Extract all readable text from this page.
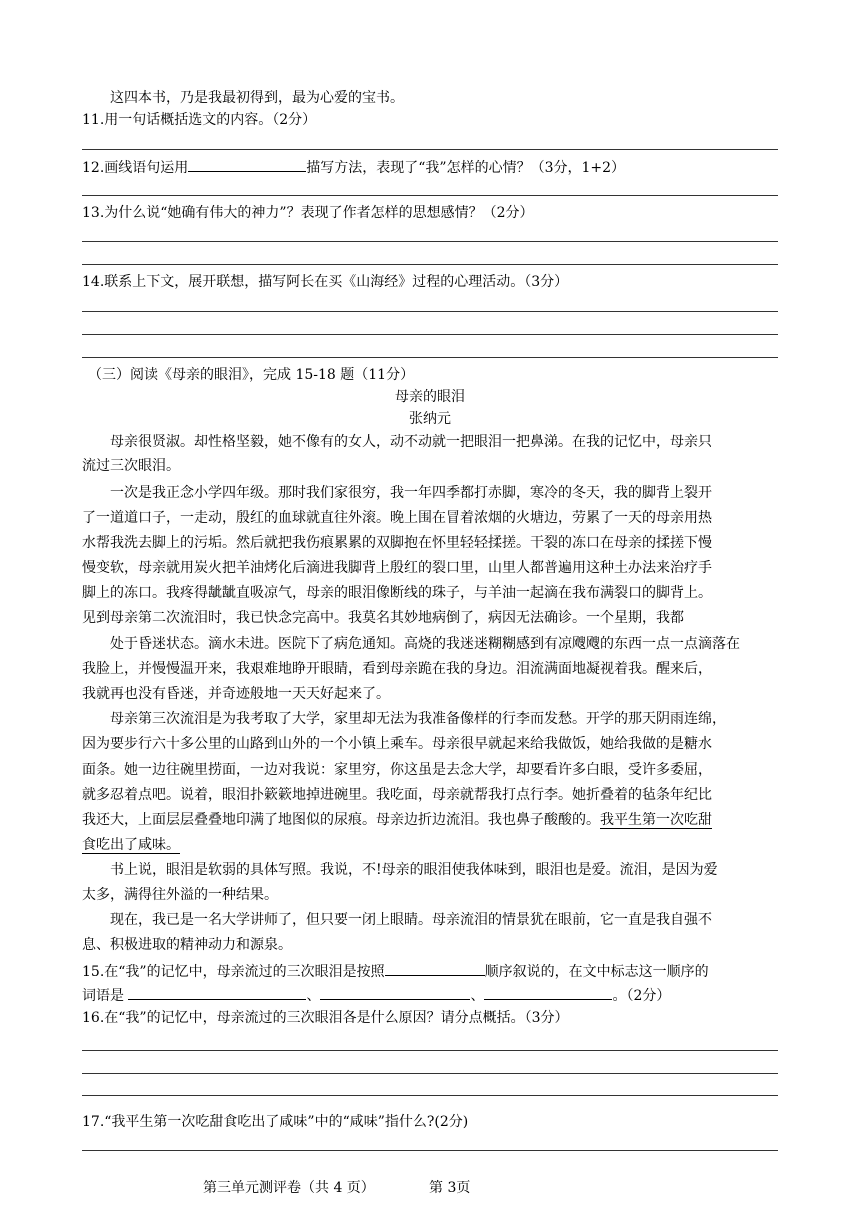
这四本书，乃是我最初得到，最为心爱的宝书。
11.用一句话概括选文的内容。（2分）
12.画线语句运用	描写方法，表现了“我”怎样的心情？（3分，1+2）
13.为什么说“她确有伟大的神力”？表现了作者怎样的思想感情？（2分）
14.联系上下文，展开联想，描写阿长在买《山海经》过程的心理活动。（3分）
（三）阅读《母亲的眼泪》，完成 15-18 题（11分）
母亲的眼泪
张纳元
母亲很贤淑。却性格坚毅，她不像有的女人，动不动就一把眼泪一把鼻涕。在我的记忆中，母亲只
流过三次眼泪。
一次是我正念小学四年级。那时我们家很穷，我一年四季都打赤脚，寒冷的冬天，我的脚背上裂开
了一道道口子，一走动，殷红的血球就直往外滚。晚上围在冒着浓烟的火塘边，劳累了一天的母亲用热
水帮我洗去脚上的污垢。然后就把我伤痕累累的双脚抱在怀里轻轻揉搓。干裂的冻口在母亲的揉搓下慢
慢变软，母亲就用炭火把羊油烤化后滴进我脚背上殷红的裂口里，山里人都普遍用这种土办法来治疗手
脚上的冻口。我疼得龇龇直吸凉气，母亲的眼泪像断线的珠子，与羊油一起滴在我布满裂口的脚背上。
见到母亲第二次流泪时，我已快念完高中。我莫名其妙地病倒了，病因无法确诊。一个星期，我都
处于昏迷状态。滴水未进。医院下了病危通知。高烧的我迷迷糊糊感到有凉飕飕的东西一点一点滴落在
我脸上，并慢慢温开来，我艰难地睁开眼睛，看到母亲跪在我的身边。泪流满面地凝视着我。醒来后，
我就再也没有昏迷，并奇迹般地一天天好起来了。
母亲第三次流泪是为我考取了大学，家里却无法为我准备像样的行李而发愁。开学的那天阴雨连绵，
因为要步行六十多公里的山路到山外的一个小镇上乘车。母亲很早就起来给我做饭，她给我做的是糖水
面条。她一边往碗里捞面，一边对我说：家里穷，你这虽是去念大学，却要看许多白眼，受许多委屈，
就多忍着点吧。说着，眼泪扑簌簌地掉进碗里。我吃面，母亲就帮我打点行李。她折叠着的毡条年纪比
我还大，上面层层叠叠地印满了地图似的尿痕。母亲边折边流泪。我也鼻子酸酸的。我平生第一次吃甜
食吃出了咸味。
书上说，眼泪是软弱的具体写照。我说，不!母亲的眼泪使我体味到，眼泪也是爱。流泪，是因为爱
太多，满得往外溢的一种结果。
现在，我已是一名大学讲师了，但只要一闭上眼睛。母亲流泪的情景犹在眼前，它一直是我自强不
息、积极进取的精神动力和源泉。
15.在“我”的记忆中，母亲流过的三次眼泪是按照	顺序叙说的，在文中标志这一顺序的
词语是	、	、	。（2分）
16.在“我”的记忆中，母亲流过的三次眼泪各是什么原因？请分点概括。（3分）
17.“我平生第一次吃甜食吃出了咸味”中的“咸味”指什么?(2分)
第三单元测评卷（共 4 页）	第 3页
